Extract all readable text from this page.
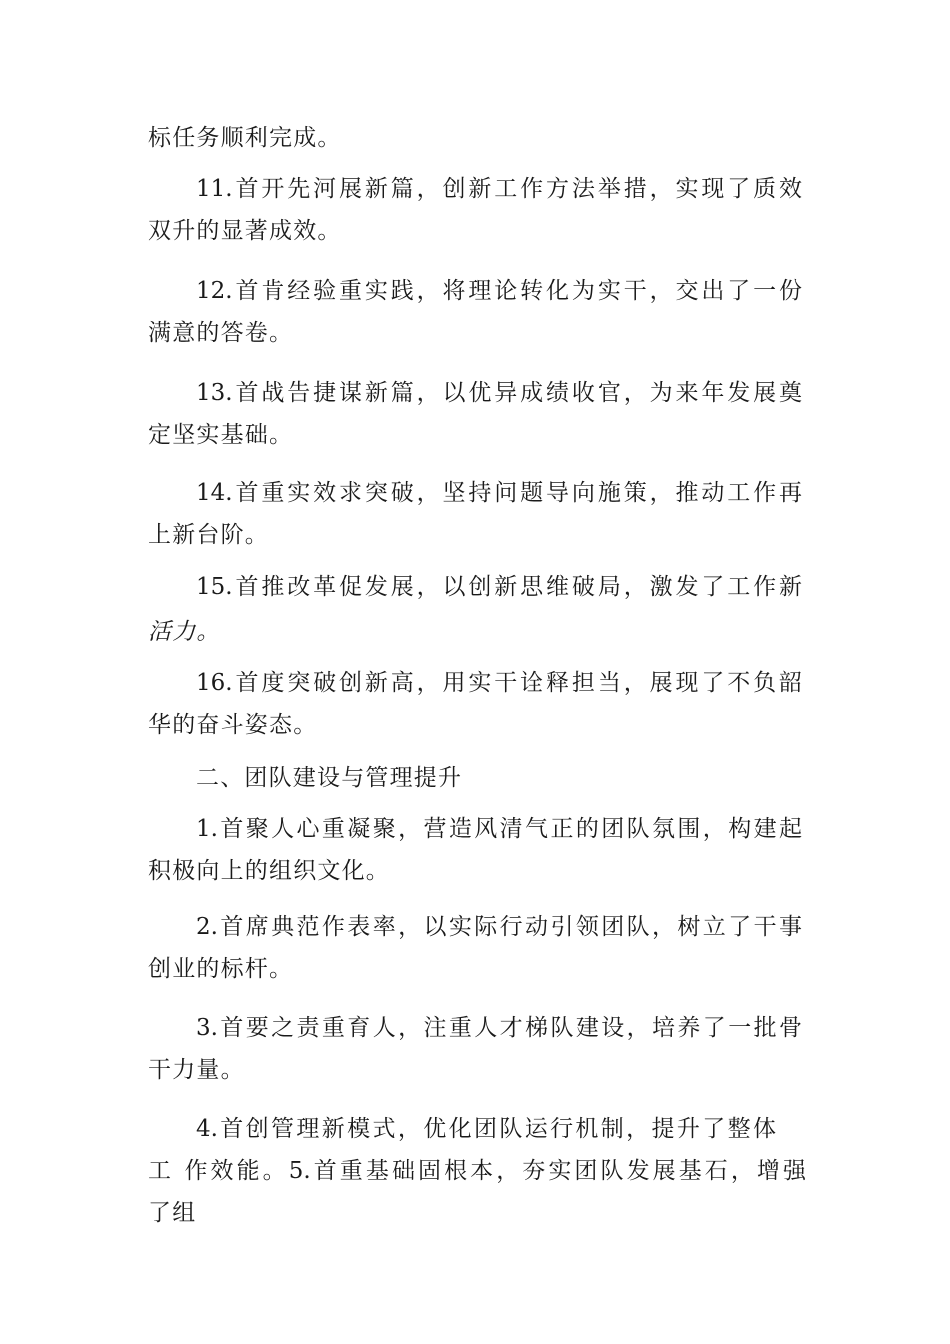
标任务顺利完成。
11.首开先河展新篇，创新工作方法举措，实现了质效
双升的显著成效。
12.首肯经验重实践，将理论转化为实干，交出了一份
满意的答卷。
13.首战告捷谋新篇，以优异成绩收官，为来年发展奠
定坚实基础。
14.首重实效求突破，坚持问题导向施策，推动工作再
上新台阶。
15.首推改革促发展，以创新思维破局，激发了工作新
活力。
16.首度突破创新高，用实干诠释担当，展现了不负韶
华的奋斗姿态。
二、团队建设与管理提升
1.首聚人心重凝聚，营造风清气正的团队氛围，构建起
积极向上的组织文化。
2.首席典范作表率，以实际行动引领团队，树立了干事
创业的标杆。
3.首要之责重育人，注重人才梯队建设，培养了一批骨
干力量。
4.首创管理新模式，优化团队运行机制，提升了整体
工 作效能。5.首重基础固根本，夯实团队发展基石，增强
了组
